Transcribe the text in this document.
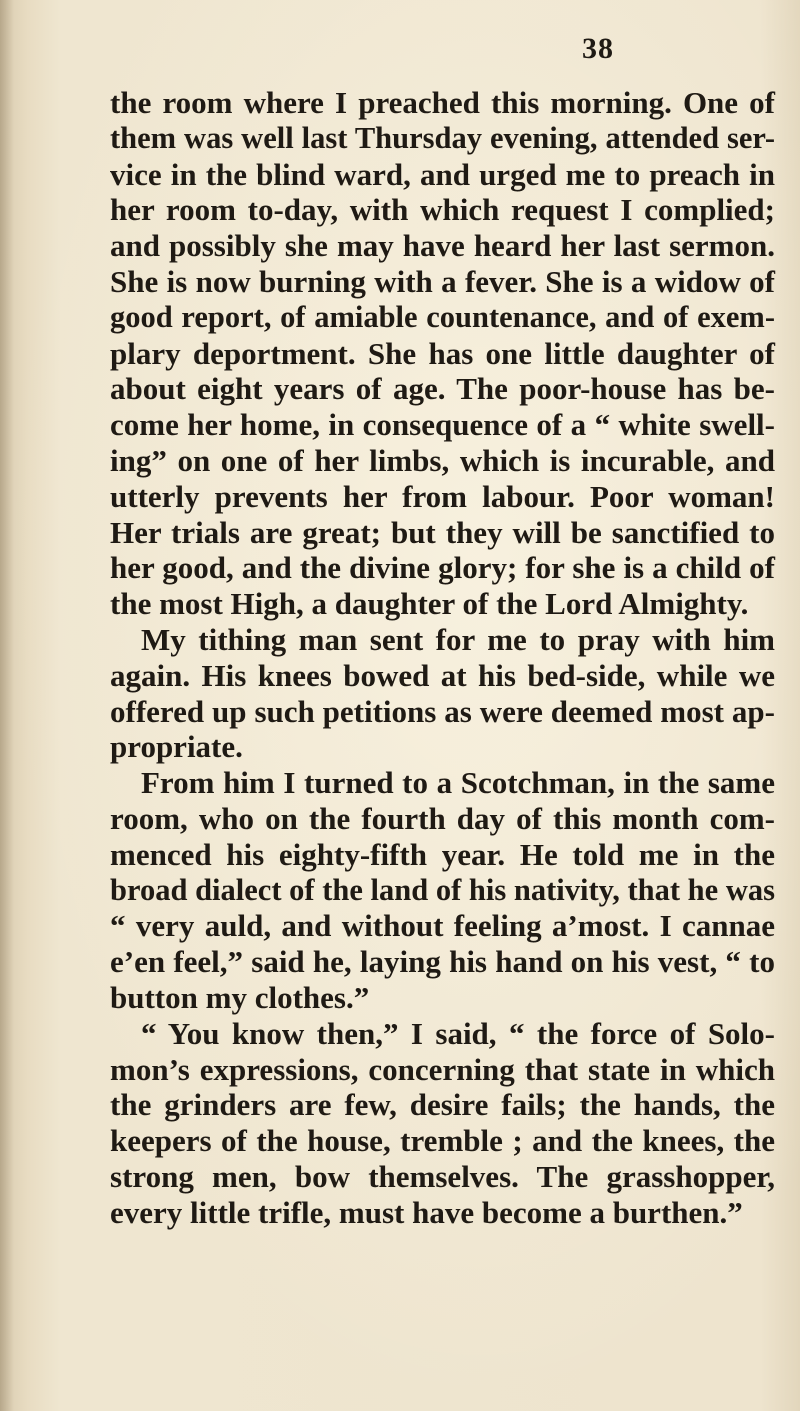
38
the room where I preached this morning. One of
them was well last Thursday evening, attended ser-
vice in the blind ward, and urged me to preach in
her room to-day, with which request I complied;
and possibly she may have heard her last sermon.
She is now burning with a fever. She is a widow of
good report, of amiable countenance, and of exem-
plary deportment. She has one little daughter of
about eight years of age. The poor-house has be-
come her home, in consequence of a “ white swell-
ing” on one of her limbs, which is incurable, and
utterly prevents her from labour. Poor woman!
Her trials are great; but they will be sanctified to
her good, and the divine glory; for she is a child of
the most High, a daughter of the Lord Almighty.
My tithing man sent for me to pray with him
again. His knees bowed at his bed-side, while we
offered up such petitions as were deemed most ap-
propriate.
From him I turned to a Scotchman, in the same
room, who on the fourth day of this month com-
menced his eighty-fifth year. He told me in the
broad dialect of the land of his nativity, that he was
“ very auld, and without feeling a’most. I cannae
e’en feel,” said he, laying his hand on his vest, “ to
button my clothes.”
“ You know then,” I said, “ the force of Solo-
mon’s expressions, concerning that state in which
the grinders are few, desire fails; the hands, the
keepers of the house, tremble ; and the knees, the
strong men, bow themselves. The grasshopper,
every little trifle, must have become a burthen.”
